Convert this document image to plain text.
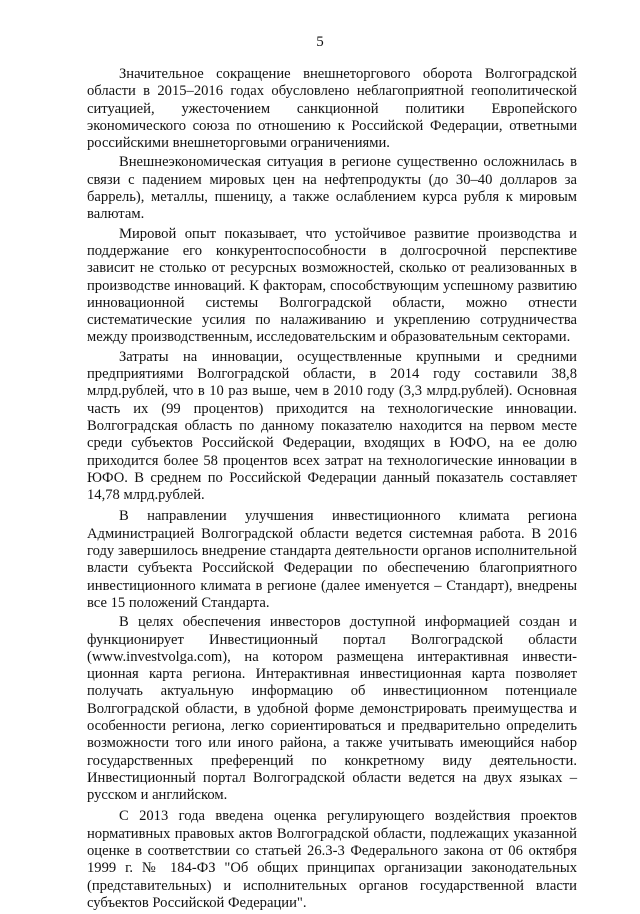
5

Значительное сокращение внешнеторгового оборота Волгоградской области в 2015–2016 годах обусловлено неблагоприятной геополитической ситуацией, ужесточением санкционной политики Европейского экономического союза по отношению к Российской Федерации, ответными российскими внешнеторговыми ограничениями.

Внешнеэкономическая ситуация в регионе существенно осложнилась в связи с падением мировых цен на нефтепродукты (до 30–40 долларов за баррель), металлы, пшеницу, а также ослаблением курса рубля к мировым валютам.

Мировой опыт показывает, что устойчивое развитие производства и поддержание его конкурентоспособности в долгосрочной перспективе зависит не столько от ресурсных возможностей, сколько от реализованных в производстве инноваций. К факторам, способствующим успешному развитию инновационной системы Волгоградской области, можно отнести систематические усилия по налаживанию и укреплению сотрудничества между производственным, исследовательским и образовательным секторами.

Затраты на инновации, осуществленные крупными и средними предприятиями Волгоградской области, в 2014 году составили 38,8 млрд.рублей, что в 10 раз выше, чем в 2010 году (3,3 млрд.рублей). Основная часть их (99 процентов) приходится на технологические инновации. Волгоградская область по данному показателю находится на первом месте среди субъектов Российской Федерации, входящих в ЮФО, на ее долю приходится более 58 процентов всех затрат на технологические инновации в ЮФО. В среднем по Российской Федерации данный показатель составляет 14,78 млрд.рублей.

В направлении улучшения инвестиционного климата региона Администрацией Волгоградской области ведется системная работа. В 2016 году завершилось внедрение стандарта деятельности органов исполнительной власти субъекта Российской Федерации по обеспечению благоприятного инвестиционного климата в регионе (далее именуется – Стандарт), внедрены все 15 положений Стандарта.

В целях обеспечения инвесторов доступной информацией создан и функционирует Инвестиционный портал Волгоградской области (www.investvolga.com), на котором размещена интерактивная инвести-ционная карта региона. Интерактивная инвестиционная карта позволяет получать актуальную информацию об инвестиционном потенциале Волгоградской области, в удобной форме демонстрировать преимущества и особенности региона, легко сориентироваться и предварительно определить возможности того или иного района, а также учитывать имеющийся набор государственных преференций по конкретному виду деятельности. Инвестиционный портал Волгоградской области ведется на двух языках – русском и английском.

С 2013 года введена оценка регулирующего воздействия проектов нормативных правовых актов Волгоградской области, подлежащих указанной оценке в соответствии со статьей 26.3-3 Федерального закона от 06 октября 1999 г. № 184-ФЗ "Об общих принципах организации законодательных (представительных) и исполнительных органов государственной власти субъектов Российской Федерации".
